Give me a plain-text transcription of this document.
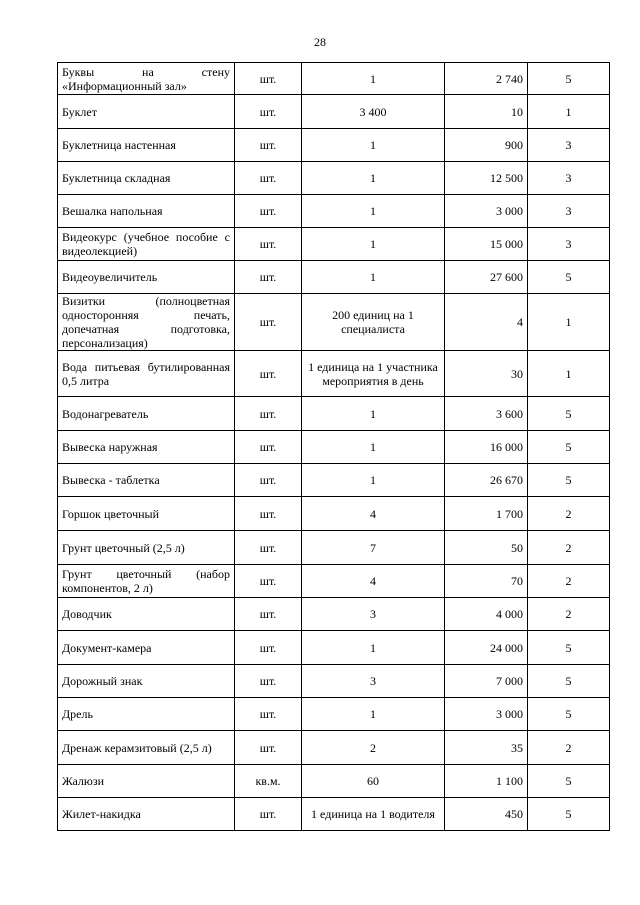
28
Буквы на стену «Информационный зал»	шт.	1	2 740	5
Буклет	шт.	3 400	10	1
Буклетница настенная	шт.	1	900	3
Буклетница складная	шт.	1	12 500	3
Вешалка напольная	шт.	1	3 000	3
Видеокурс (учебное пособие с видеолекцией)	шт.	1	15 000	3
Видеоувеличитель	шт.	1	27 600	5
Визитки (полноцветная односторонняя печать, допечатная подготовка, персонализация)	шт.	200 единиц на 1 специалиста	4	1
Вода питьевая бутилированная 0,5 литра	шт.	1 единица на 1 участника мероприятия в день	30	1
Водонагреватель	шт.	1	3 600	5
Вывеска наружная	шт.	1	16 000	5
Вывеска - таблетка	шт.	1	26 670	5
Горшок цветочный	шт.	4	1 700	2
Грунт цветочный (2,5 л)	шт.	7	50	2
Грунт цветочный (набор компонентов, 2 л)	шт.	4	70	2
Доводчик	шт.	3	4 000	2
Документ-камера	шт.	1	24 000	5
Дорожный знак	шт.	3	7 000	5
Дрель	шт.	1	3 000	5
Дренаж керамзитовый (2,5 л)	шт.	2	35	2
Жалюзи	кв.м.	60	1 100	5
Жилет-накидка	шт.	1 единица на 1 водителя	450	5
